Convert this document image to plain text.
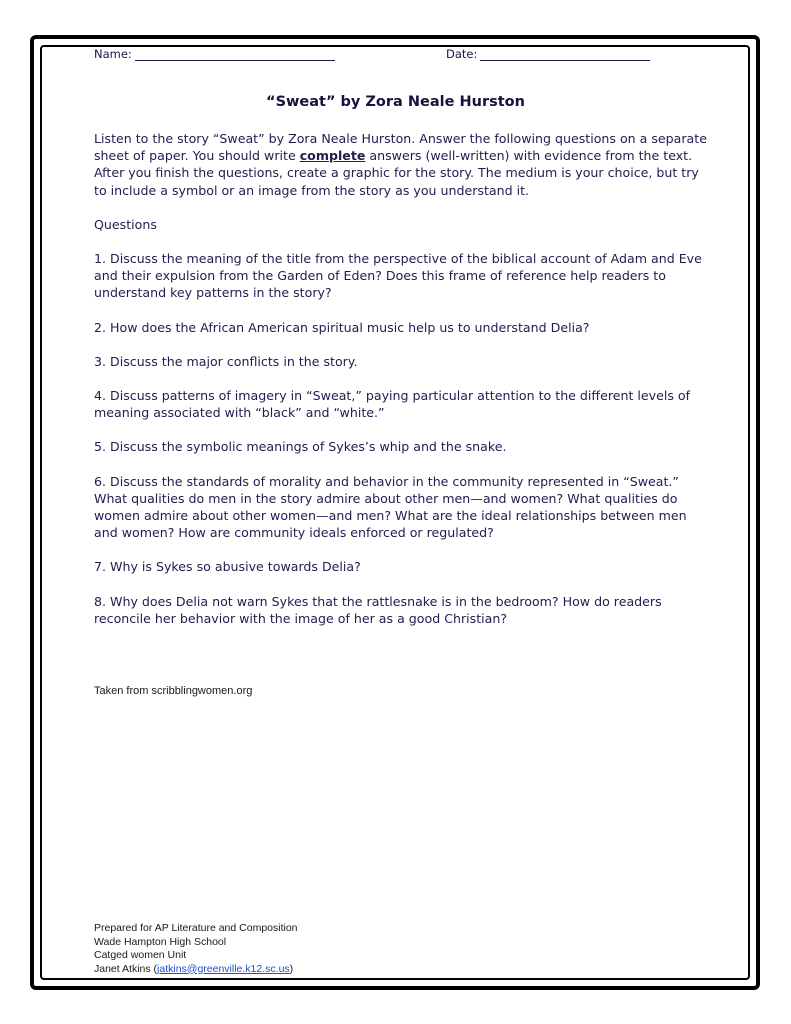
Name:	Date:
“Sweat” by Zora Neale Hurston

Listen to the story “Sweat” by Zora Neale Hurston. Answer the following questions on a separate sheet of paper. You should write complete answers (well-written) with evidence from the text. After you finish the questions, create a graphic for the story. The medium is your choice, but try to include a symbol or an image from the story as you understand it.

Questions

1. Discuss the meaning of the title from the perspective of the biblical account of Adam and Eve and their expulsion from the Garden of Eden? Does this frame of reference help readers to understand key patterns in the story?

2. How does the African American spiritual music help us to understand Delia?

3. Discuss the major conflicts in the story.

4. Discuss patterns of imagery in “Sweat,” paying particular attention to the different levels of meaning associated with “black” and “white.”

5. Discuss the symbolic meanings of Sykes’s whip and the snake.

6. Discuss the standards of morality and behavior in the community represented in “Sweat.” What qualities do men in the story admire about other men—and women? What qualities do women admire about other women—and men? What are the ideal relationships between men and women? How are community ideals enforced or regulated?

7. Why is Sykes so abusive towards Delia?

8. Why does Delia not warn Sykes that the rattlesnake is in the bedroom? How do readers reconcile her behavior with the image of her as a good Christian?

Taken from scribblingwomen.org
Prepared for AP Literature and Composition
Wade Hampton High School
Catged women Unit
Janet Atkins (jatkins@greenville.k12.sc.us)
